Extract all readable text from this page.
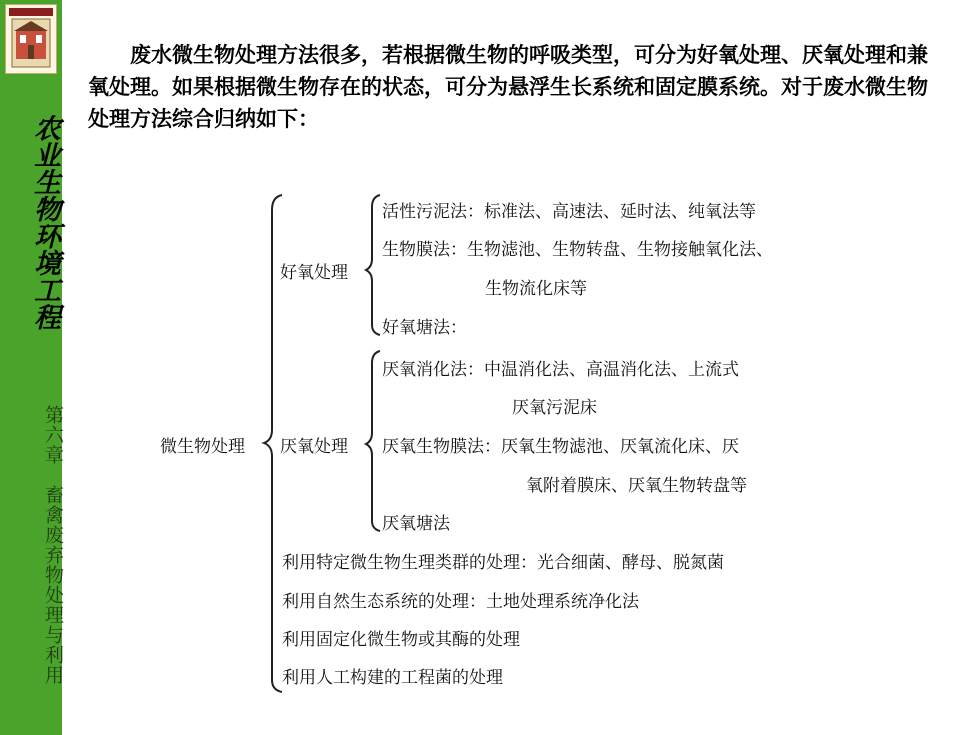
农业生物环境工程
第六章　畜禽废弃物处理与利用

废水微生物处理方法很多，若根据微生物的呼吸类型，可分为好氧处理、厌氧处理和兼氧处理。如果根据微生物存在的状态，可分为悬浮生长系统和固定膜系统。对于废水微生物处理方法综合归纳如下：

微生物处理
好氧处理
活性污泥法：标准法、高速法、延时法、纯氧法等
生物膜法：生物滤池、生物转盘、生物接触氧化法、
生物流化床等
好氧塘法：
厌氧处理
厌氧消化法：中温消化法、高温消化法、上流式
厌氧污泥床
厌氧生物膜法：厌氧生物滤池、厌氧流化床、厌
氧附着膜床、厌氧生物转盘等
厌氧塘法
利用特定微生物生理类群的处理：光合细菌、酵母、脱氮菌
利用自然生态系统的处理：土地处理系统净化法
利用固定化微生物或其酶的处理
利用人工构建的工程菌的处理
